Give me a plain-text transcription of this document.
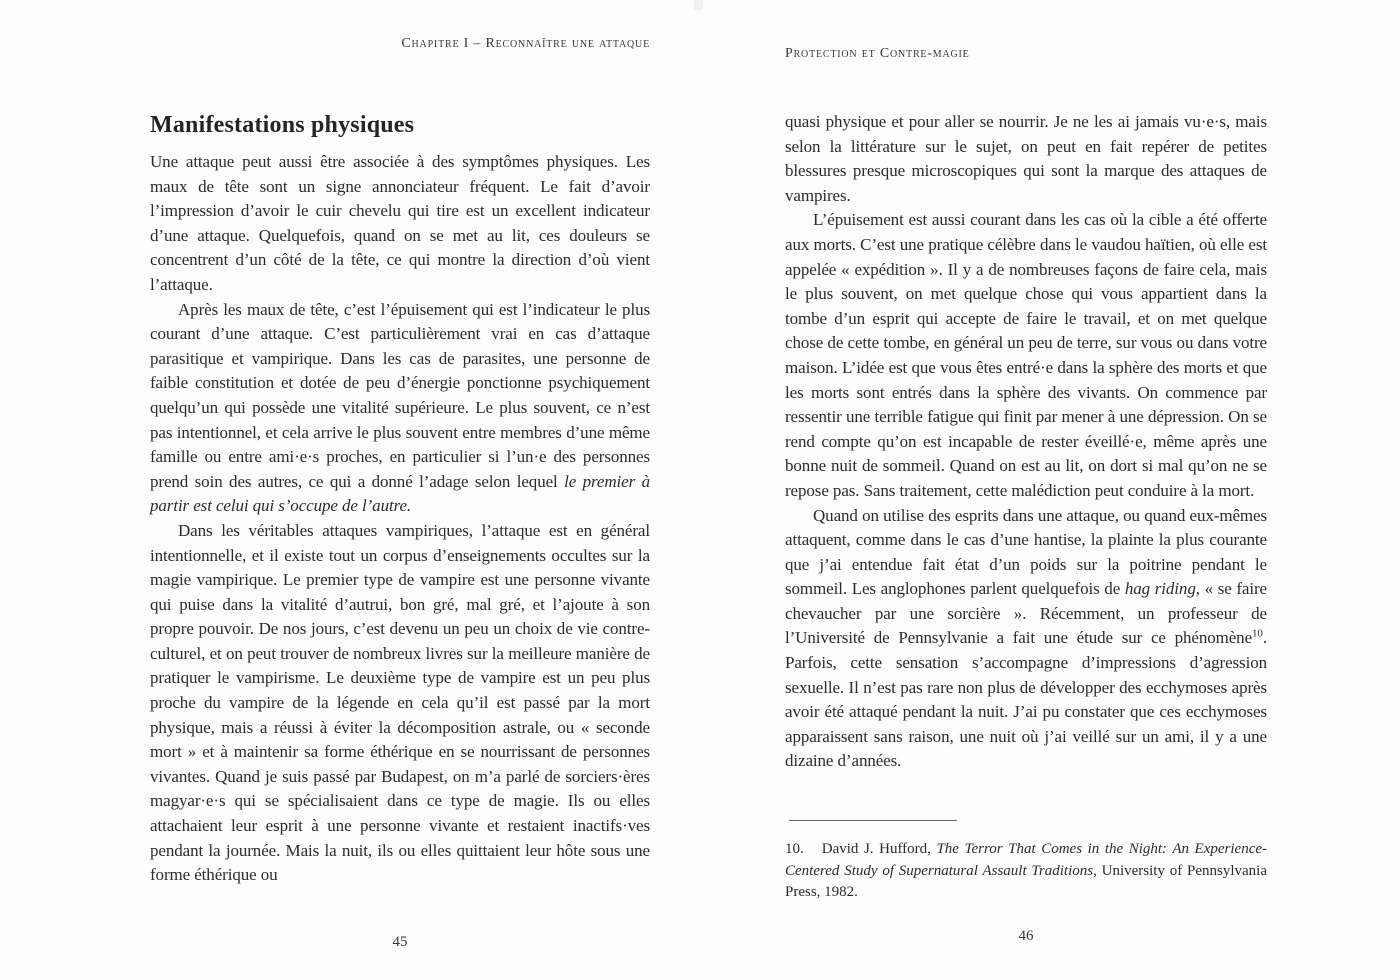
Chapitre I – Reconnaître une attaque
Manifestations physiques

Une attaque peut aussi être associée à des symptômes physiques. Les maux de tête sont un signe annonciateur fréquent. Le fait d’avoir l’impression d’avoir le cuir chevelu qui tire est un excellent indicateur d’une attaque. Quelquefois, quand on se met au lit, ces douleurs se concentrent d’un côté de la tête, ce qui montre la direction d’où vient l’attaque.

Après les maux de tête, c’est l’épuisement qui est l’indicateur le plus courant d’une attaque. C’est particulièrement vrai en cas d’attaque parasitique et vampirique. Dans les cas de parasites, une personne de faible constitution et dotée de peu d’énergie ponctionne psychiquement quelqu’un qui possède une vitalité supérieure. Le plus souvent, ce n’est pas intentionnel, et cela arrive le plus souvent entre membres d’une même famille ou entre ami·e·s proches, en particulier si l’un·e des personnes prend soin des autres, ce qui a donné l’adage selon lequel le premier à partir est celui qui s’occupe de l’autre.

Dans les véritables attaques vampiriques, l’attaque est en général intentionnelle, et il existe tout un corpus d’enseignements occultes sur la magie vampirique. Le premier type de vampire est une personne vivante qui puise dans la vitalité d’autrui, bon gré, mal gré, et l’ajoute à son propre pouvoir. De nos jours, c’est devenu un peu un choix de vie contre-culturel, et on peut trouver de nombreux livres sur la meilleure manière de pratiquer le vampirisme. Le deuxième type de vampire est un peu plus proche du vampire de la légende en cela qu’il est passé par la mort physique, mais a réussi à éviter la décomposition astrale, ou « seconde mort » et à maintenir sa forme éthérique en se nourrissant de personnes vivantes. Quand je suis passé par Budapest, on m’a parlé de sorciers·ères magyar·e·s qui se spécialisaient dans ce type de magie. Ils ou elles attachaient leur esprit à une personne vivante et restaient inactifs·ves pendant la journée. Mais la nuit, ils ou elles quittaient leur hôte sous une forme éthérique ou

45
Protection et Contre-magie

quasi physique et pour aller se nourrir. Je ne les ai jamais vu·e·s, mais selon la littérature sur le sujet, on peut en fait repérer de petites blessures presque microscopiques qui sont la marque des attaques de vampires.

L’épuisement est aussi courant dans les cas où la cible a été offerte aux morts. C’est une pratique célèbre dans le vaudou haïtien, où elle est appelée « expédition ». Il y a de nombreuses façons de faire cela, mais le plus souvent, on met quelque chose qui vous appartient dans la tombe d’un esprit qui accepte de faire le travail, et on met quelque chose de cette tombe, en général un peu de terre, sur vous ou dans votre maison. L’idée est que vous êtes entré·e dans la sphère des morts et que les morts sont entrés dans la sphère des vivants. On commence par ressentir une terrible fatigue qui finit par mener à une dépression. On se rend compte qu’on est incapable de rester éveillé·e, même après une bonne nuit de sommeil. Quand on est au lit, on dort si mal qu’on ne se repose pas. Sans traitement, cette malédiction peut conduire à la mort.

Quand on utilise des esprits dans une attaque, ou quand eux-mêmes attaquent, comme dans le cas d’une hantise, la plainte la plus courante que j’ai entendue fait état d’un poids sur la poitrine pendant le sommeil. Les anglophones parlent quelquefois de hag riding, « se faire chevaucher par une sorcière ». Récemment, un professeur de l’Université de Pennsylvanie a fait une étude sur ce phénomène$^{10}$. Parfois, cette sensation s’accompagne d’impressions d’agression sexuelle. Il n’est pas rare non plus de développer des ecchymoses après avoir été attaqué pendant la nuit. J’ai pu constater que ces ecchymoses apparaissent sans raison, une nuit où j’ai veillé sur un ami, il y a une dizaine d’années.

10. David J. Hufford, The Terror That Comes in the Night: An Experience-Centered Study of Supernatural Assault Traditions, University of Pennsylvania Press, 1982.
46
